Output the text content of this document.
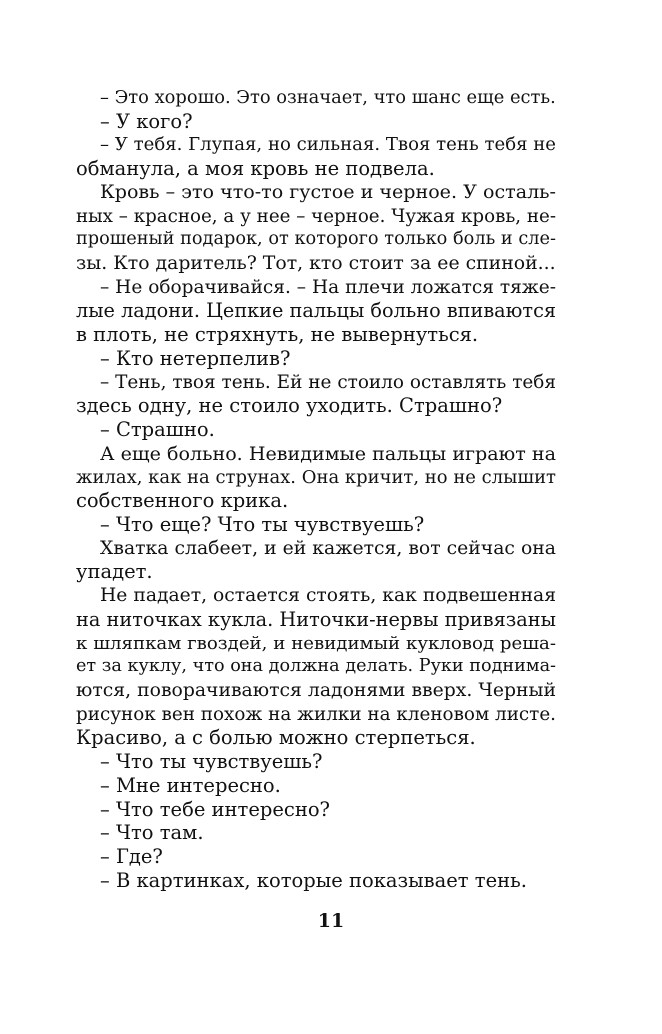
– Это хорошо. Это означает, что шанс еще есть.
– У кого?
– У тебя. Глупая, но сильная. Твоя тень тебя не
обманула, а моя кровь не подвела.
Кровь – это что-то густое и черное. У осталь-
ных – красное, а у нее – черное. Чужая кровь, не-
прошеный подарок, от которого только боль и сле-
зы. Кто даритель? Тот, кто стоит за ее спиной...
– Не оборачивайся. – На плечи ложатся тяже-
лые ладони. Цепкие пальцы больно впиваются
в плоть, не стряхнуть, не вывернуться.
– Кто нетерпелив?
– Тень, твоя тень. Ей не стоило оставлять тебя
здесь одну, не стоило уходить. Страшно?
– Страшно.
А еще больно. Невидимые пальцы играют на
жилах, как на струнах. Она кричит, но не слышит
собственного крика.
– Что еще? Что ты чувствуешь?
Хватка слабеет, и ей кажется, вот сейчас она
упадет.
Не падает, остается стоять, как подвешенная
на ниточках кукла. Ниточки-нервы привязаны
к шляпкам гвоздей, и невидимый кукловод реша-
ет за куклу, что она должна делать. Руки поднима-
ются, поворачиваются ладонями вверх. Черный
рисунок вен похож на жилки на кленовом листе.
Красиво, а с болью можно стерпеться.
– Что ты чувствуешь?
– Мне интересно.
– Что тебе интересно?
– Что там.
– Где?
– В картинках, которые показывает тень.
11
